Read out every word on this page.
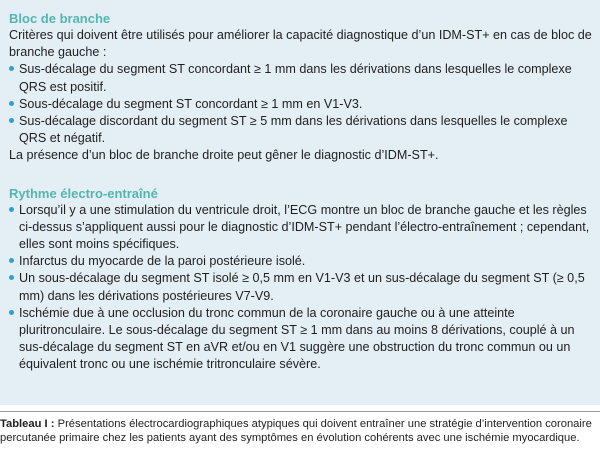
Bloc de branche

Critères qui doivent être utilisés pour améliorer la capacité diagnostique d’un IDM-ST+ en cas de bloc de branche gauche :

Sus-décalage du segment ST concordant ≥ 1 mm dans les dérivations dans lesquelles le complexe QRS est positif.
Sous-décalage du segment ST concordant ≥ 1 mm en V1-V3.
Sus-décalage discordant du segment ST ≥ 5 mm dans les dérivations dans lesquelles le complexe QRS et négatif.

La présence d’un bloc de branche droite peut gêner le diagnostic d’IDM-ST+.

Rythme électro-entraîné
Lorsqu’il y a une stimulation du ventricule droit, l’ECG montre un bloc de branche gauche et les règles ci-dessus s’appliquent aussi pour le diagnostic d’IDM-ST+ pendant l’électro-entraînement ; cependant, elles sont moins spécifiques.
Infarctus du myocarde de la paroi postérieure isolé.
Un sous-décalage du segment ST isolé ≥ 0,5 mm en V1-V3 et un sus-décalage du segment ST (≥ 0,5 mm) dans les dérivations postérieures V7-V9.
Ischémie due à une occlusion du tronc commun de la coronaire gauche ou à une atteinte pluritronculaire. Le sous-décalage du segment ST ≥ 1 mm dans au moins 8 dérivations, couplé à un sus-décalage du segment ST en aVR et/ou en V1 suggère une obstruction du tronc commun ou un équivalent tronc ou une ischémie tritronculaire sévère.
Tableau I : Présentations électrocardiographiques atypiques qui doivent entraîner une stratégie d’intervention coronaire percutanée primaire chez les patients ayant des symptômes en évolution cohérents avec une ischémie myocardique.
